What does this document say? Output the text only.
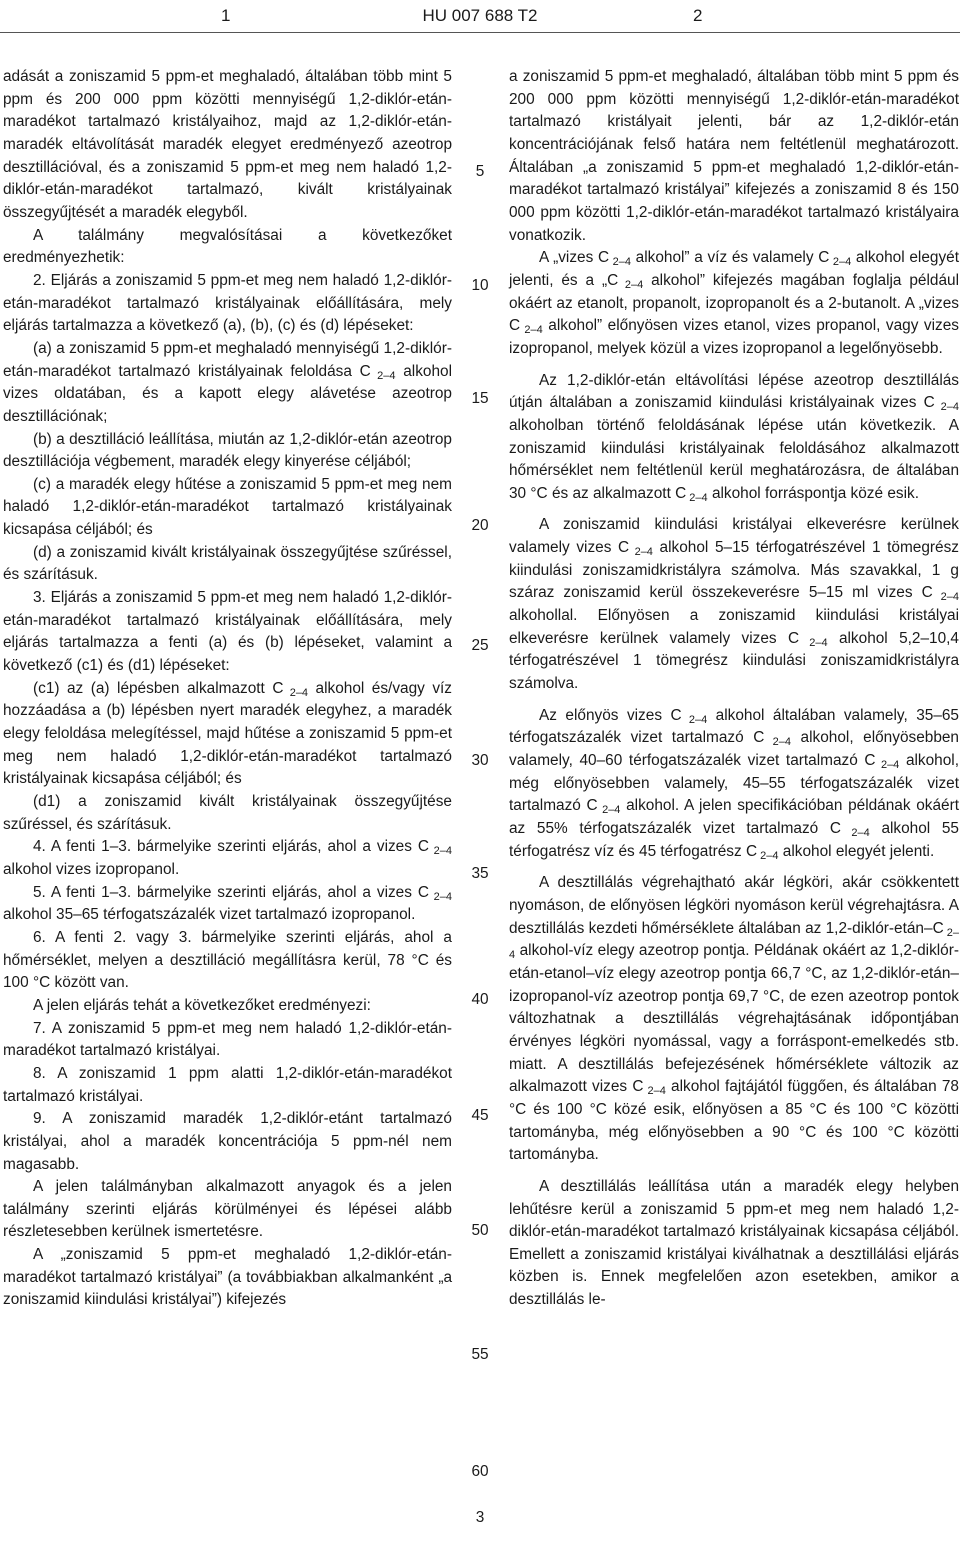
1	HU 007 688 T2	2

adását a zoniszamid 5 ppm-et meghaladó, általában több mint 5 ppm és 200 000 ppm közötti mennyiségű 1,2-diklór-etán-maradékot tartalmazó kristályaihoz, majd az 1,2-diklór-etán-maradék eltávolítását maradék elegyet eredményező azeotrop desztillációval, és a zoniszamid 5 ppm-et meg nem haladó 1,2-diklór-etán-maradékot tartalmazó, kivált kristályainak összegyűjtését a maradék elegyből.

A találmány megvalósításai a következőket eredményezhetik:

2. Eljárás a zoniszamid 5 ppm-et meg nem haladó 1,2-diklór-etán-maradékot tartalmazó kristályainak előállítására, mely eljárás tartalmazza a következő (a), (b), (c) és (d) lépéseket:

(a) a zoniszamid 5 ppm-et meghaladó mennyiségű 1,2-diklór-etán-maradékot tartalmazó kristályainak feloldása C $_{2-4}$ alkohol vizes oldatában, és a kapott elegy alávetése azeotrop desztillációnak;

(b) a desztilláció leállítása, miután az 1,2-diklór-etán azeotrop desztillációja végbement, maradék elegy kinyerése céljából;

(c) a maradék elegy hűtése a zoniszamid 5 ppm-et meg nem haladó 1,2-diklór-etán-maradékot tartalmazó kristályainak kicsapása céljából; és

(d) a zoniszamid kivált kristályainak összegyűjtése szűréssel, és szárításuk.

3. Eljárás a zoniszamid 5 ppm-et meg nem haladó 1,2-diklór-etán-maradékot tartalmazó kristályainak előállítására, mely eljárás tartalmazza a fenti (a) és (b) lépéseket, valamint a következő (c1) és (d1) lépéseket:

(c1) az (a) lépésben alkalmazott C $_{2-4}$ alkohol és/vagy víz hozzáadása a (b) lépésben nyert maradék elegyhez, a maradék elegy feloldása melegítéssel, majd hűtése a zoniszamid 5 ppm-et meg nem haladó 1,2-diklór-etán-maradékot tartalmazó kristályainak kicsapása céljából; és

(d1) a zoniszamid kivált kristályainak összegyűjtése szűréssel, és szárításuk.

4. A fenti 1–3. bármelyike szerinti eljárás, ahol a vizes C $_{2-4}$ alkohol vizes izopropanol.

5. A fenti 1–3. bármelyike szerinti eljárás, ahol a vizes C $_{2-4}$ alkohol 35–65 térfogatszázalék vizet tartalmazó izopropanol.

6. A fenti 2. vagy 3. bármelyike szerinti eljárás, ahol a hőmérséklet, melyen a desztilláció megállításra kerül, 78 °C és 100 °C között van.

A jelen eljárás tehát a következőket eredményezi:

7. A zoniszamid 5 ppm-et meg nem haladó 1,2-diklór-etán-maradékot tartalmazó kristályai.

8. A zoniszamid 1 ppm alatti 1,2-diklór-etán-maradékot tartalmazó kristályai.

9. A zoniszamid maradék 1,2-diklór-etánt tartalmazó kristályai, ahol a maradék koncentrációja 5 ppm-nél nem magasabb.

A jelen találmányban alkalmazott anyagok és a jelen találmány szerinti eljárás körülményei és lépései alább részletesebben kerülnek ismertetésre.

A „zoniszamid 5 ppm-et meghaladó 1,2-diklór-etán-maradékot tartalmazó kristályai” (a továbbiakban alkalmanként „a zoniszamid kiindulási kristályai”) kifejezés

a zoniszamid 5 ppm-et meghaladó, általában több mint 5 ppm és 200 000 ppm közötti mennyiségű 1,2-diklór-etán-maradékot tartalmazó kristályait jelenti, bár az 1,2-diklór-etán koncentrációjának felső határa nem feltétlenül meghatározott. Általában „a zoniszamid 5 ppm-et meghaladó 1,2-diklór-etán-maradékot tartalmazó kristályai” kifejezés a zoniszamid 8 és 150 000 ppm közötti 1,2-diklór-etán-maradékot tartalmazó kristályaira vonatkozik.

A „vizes C $_{2-4}$ alkohol” a víz és valamely C $_{2-4}$ alkohol elegyét jelenti, és a „C $_{2-4}$ alkohol” kifejezés magában foglalja például okáért az etanolt, propanolt, izopropanolt és a 2-butanolt. A „vizes C $_{2-4}$ alkohol” előnyösen vizes etanol, vizes propanol, vagy vizes izopropanol, melyek közül a vizes izopropanol a legelőnyösebb.

Az 1,2-diklór-etán eltávolítási lépése azeotrop desztillálás útján általában a zoniszamid kiindulási kristályainak vizes C $_{2-4}$ alkoholban történő feloldásának lépése után következik. A zoniszamid kiindulási kristályainak feloldásához alkalmazott hőmérséklet nem feltétlenül kerül meghatározásra, de általában 30 °C és az alkalmazott C $_{2-4}$ alkohol forráspontja közé esik.

A zoniszamid kiindulási kristályai elkeverésre kerülnek valamely vizes C $_{2-4}$ alkohol 5–15 térfogatrészével 1 tömegrész kiindulási zoniszamidkristályra számolva. Más szavakkal, 1 g száraz zoniszamid kerül összekeverésre 5–15 ml vizes C $_{2-4}$ alkohollal. Előnyösen a zoniszamid kiindulási kristályai elkeverésre kerülnek valamely vizes C $_{2-4}$ alkohol 5,2–10,4 térfogatrészével 1 tömegrész kiindulási zoniszamidkristályra számolva.

Az előnyös vizes C $_{2-4}$ alkohol általában valamely, 35–65 térfogatszázalék vizet tartalmazó C $_{2-4}$ alkohol, előnyösebben valamely, 40–60 térfogatszázalék vizet tartalmazó C $_{2-4}$ alkohol, még előnyösebben valamely, 45–55 térfogatszázalék vizet tartalmazó C $_{2-4}$ alkohol. A jelen specifikációban példának okáért az 55% térfogatszázalék vizet tartalmazó C $_{2-4}$ alkohol 55 térfogatrész víz és 45 térfogatrész C $_{2-4}$ alkohol elegyét jelenti.

A desztillálás végrehajtható akár légköri, akár csökkentett nyomáson, de előnyösen légköri nyomáson kerül végrehajtásra. A desztillálás kezdeti hőmérséklete általában az 1,2-diklór-etán–C $_{2-4}$ alkohol-víz elegy azeotrop pontja. Példának okáért az 1,2-diklór-etán-etanol–víz elegy azeotrop pontja 66,7 °C, az 1,2-diklór-etán–izopropanol-víz azeotrop pontja 69,7 °C, de ezen azeotrop pontok változhatnak a desztillálás végrehajtásának időpontjában érvényes légköri nyomással, vagy a forráspont-emelkedés stb. miatt. A desztillálás befejezésének hőmérséklete változik az alkalmazott vizes C $_{2-4}$ alkohol fajtájától függően, és általában 78 °C és 100 °C közé esik, előnyösen a 85 °C és 100 °C közötti tartományba, még előnyösebben a 90 °C és 100 °C közötti tartományba.

A desztillálás leállítása után a maradék elegy helyben lehűtésre kerül a zoniszamid 5 ppm-et meg nem haladó 1,2-diklór-etán-maradékot tartalmazó kristályainak kicsapása céljából. Emellett a zoniszamid kristályai kiválhatnak a desztillálási eljárás közben is. Ennek megfelelően azon esetekben, amikor a desztillálás le-

5
10
15
20
25
30
35
40
45
50
55
60
3
